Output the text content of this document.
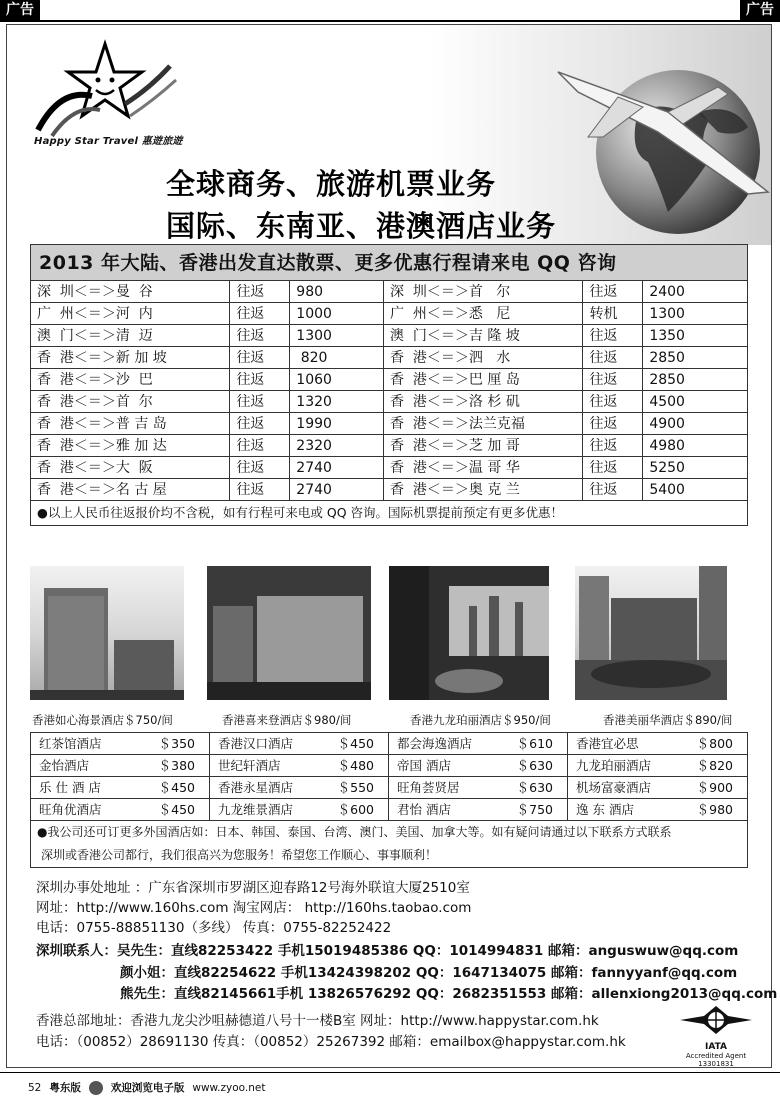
广告	广告
Happy Star Travel 惠遊旅遊
全球商务、旅游机票业务
国际、东南亚、港澳酒店业务
2013 年大陆、香港出发直达散票、更多优惠行程请来电 QQ 咨询
深  圳＜＝＞曼  谷	往返	980	深  圳＜＝＞首   尔	往返	2400
广  州＜＝＞河  内	往返	1000	广  州＜＝＞悉   尼	转机	1300
澳  门＜＝＞清  迈	往返	1300	澳  门＜＝＞吉 隆 坡	往返	1350
香  港＜＝＞新 加 坡	往返	820	香  港＜＝＞泗   水	往返	2850
香  港＜＝＞沙  巴	往返	1060	香  港＜＝＞巴 厘 岛	往返	2850
香  港＜＝＞首  尔	往返	1320	香  港＜＝＞洛 杉 矶	往返	4500
香  港＜＝＞普 吉 岛	往返	1990	香  港＜＝＞法兰克福	往返	4900
香  港＜＝＞雅 加 达	往返	2320	香  港＜＝＞芝 加 哥	往返	4980
香  港＜＝＞大  阪	往返	2740	香  港＜＝＞温 哥 华	往返	5250
香  港＜＝＞名 古 屋	往返	2740	香  港＜＝＞奥 克 兰	往返	5400
●以上人民币往返报价均不含税，如有行程可来电或 QQ 咨询。国际机票提前预定有更多优惠！
香港如心海景酒店＄750/间	香港喜来登酒店＄980/间	香港九龙珀丽酒店＄950/间	香港美丽华酒店＄890/间
红茶馆酒店	＄350 香港汉口酒店	＄450 都会海逸酒店	＄610 香港宜必思	＄800
金怡酒店	＄380 世纪轩酒店	＄480 帝国 酒店	＄630 九龙珀丽酒店	＄820
乐 仕 酒 店	＄450 香港永星酒店	＄550 旺角荟贤居	＄630 机场富豪酒店	＄900
旺角优酒店	＄450 九龙维景酒店	＄600 君怡 酒店	＄750 逸 东 酒店	＄980
●我公司还可订更多外国酒店如：日本、韩国、泰国、台湾、澳门、美国、加拿大等。如有疑问请通过以下联系方式联系
深圳或香港公司都行，我们很高兴为您服务！希望您工作顺心、事事顺利！
深圳办事处地址 ：广东省深圳市罗湖区迎春路12号海外联谊大厦2510室
网址：http://www.160hs.com 淘宝网店： http://160hs.taobao.com
电话：0755-88851130（多线） 传真：0755-82252422
深圳联系人：吴先生：直线82253422 手机15019485386 QQ：1014994831 邮箱：anguswuw@qq.com
颜小姐：直线82254622 手机13424398202 QQ：1647134075 邮箱：fannyyanf@qq.com
熊先生：直线82145661手机 13826576292 QQ：2682351553 邮箱：allenxiong2013@qq.com
香港总部地址：香港九龙尖沙咀赫德道八号十一楼B室 网址：http://www.happystar.com.hk
电话：（00852）28691130 传真：（00852）25267392 邮箱：emailbox@happystar.com.hk	IATA
Accredited Agent
13301831
52 粤东版	欢迎浏览电子版 www.zyoo.net
